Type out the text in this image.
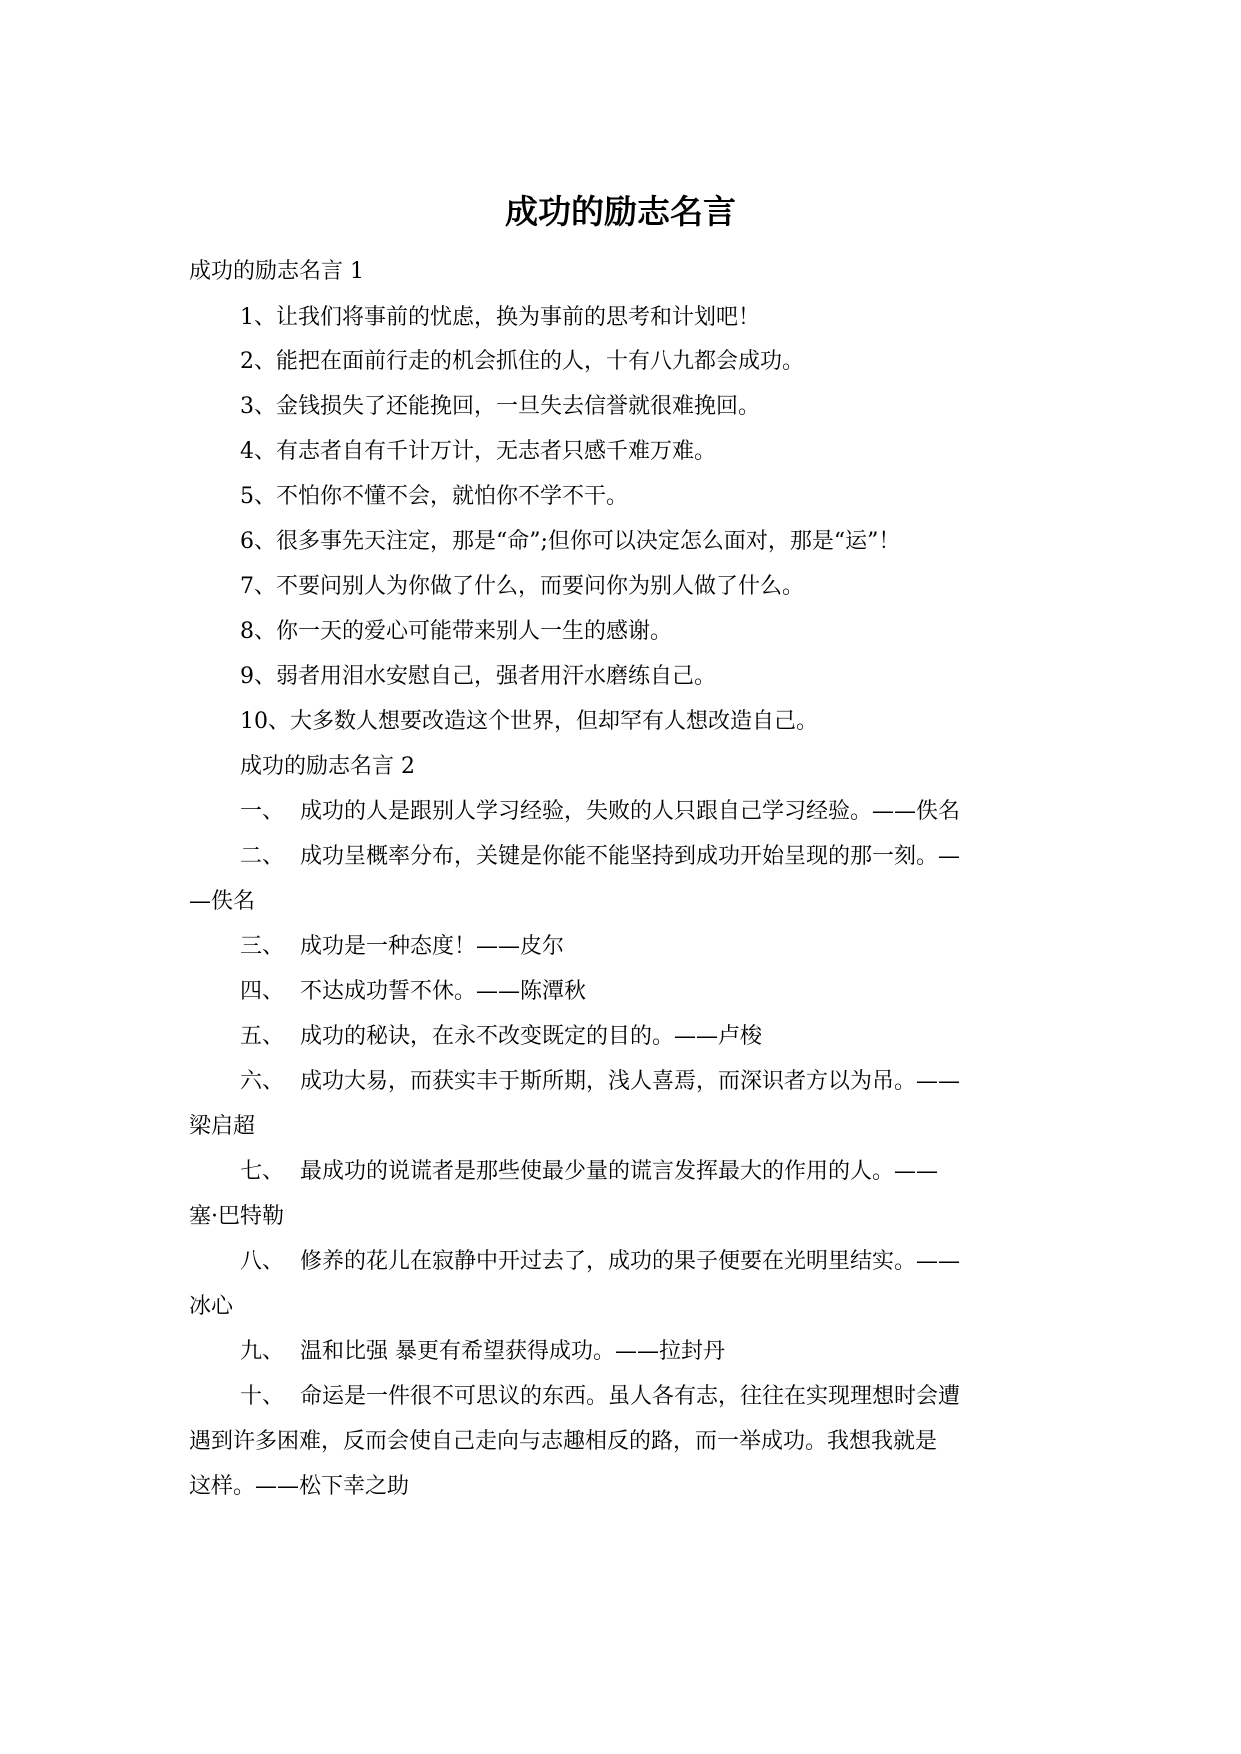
成功的励志名言
成功的励志名言 1
1、让我们将事前的忧虑，换为事前的思考和计划吧！
2、能把在面前行走的机会抓住的人，十有八九都会成功。
3、金钱损失了还能挽回，一旦失去信誉就很难挽回。
4、有志者自有千计万计，无志者只感千难万难。
5、不怕你不懂不会，就怕你不学不干。
6、很多事先天注定，那是“命”;但你可以决定怎么面对，那是“运”！
7、不要问别人为你做了什么，而要问你为别人做了什么。
8、你一天的爱心可能带来别人一生的感谢。
9、弱者用泪水安慰自己，强者用汗水磨练自己。
10、大多数人想要改造这个世界，但却罕有人想改造自己。
成功的励志名言 2
一、 成功的人是跟别人学习经验，失败的人只跟自己学习经验。——佚名
二、 成功呈概率分布，关键是你能不能坚持到成功开始呈现的那一刻。—
—佚名
三、 成功是一种态度！——皮尔
四、 不达成功誓不休。——陈潭秋
五、 成功的秘诀，在永不改变既定的目的。——卢梭
六、 成功大易，而获实丰于斯所期，浅人喜焉，而深识者方以为吊。——
梁启超
七、 最成功的说谎者是那些使最少量的谎言发挥最大的作用的人。——
塞·巴特勒
八、 修养的花儿在寂静中开过去了，成功的果子便要在光明里结实。——
冰心
九、 温和比强 暴更有希望获得成功。——拉封丹
十、 命运是一件很不可思议的东西。虽人各有志，往往在实现理想时会遭
遇到许多困难，反而会使自己走向与志趣相反的路，而一举成功。我想我就是
这样。——松下幸之助
